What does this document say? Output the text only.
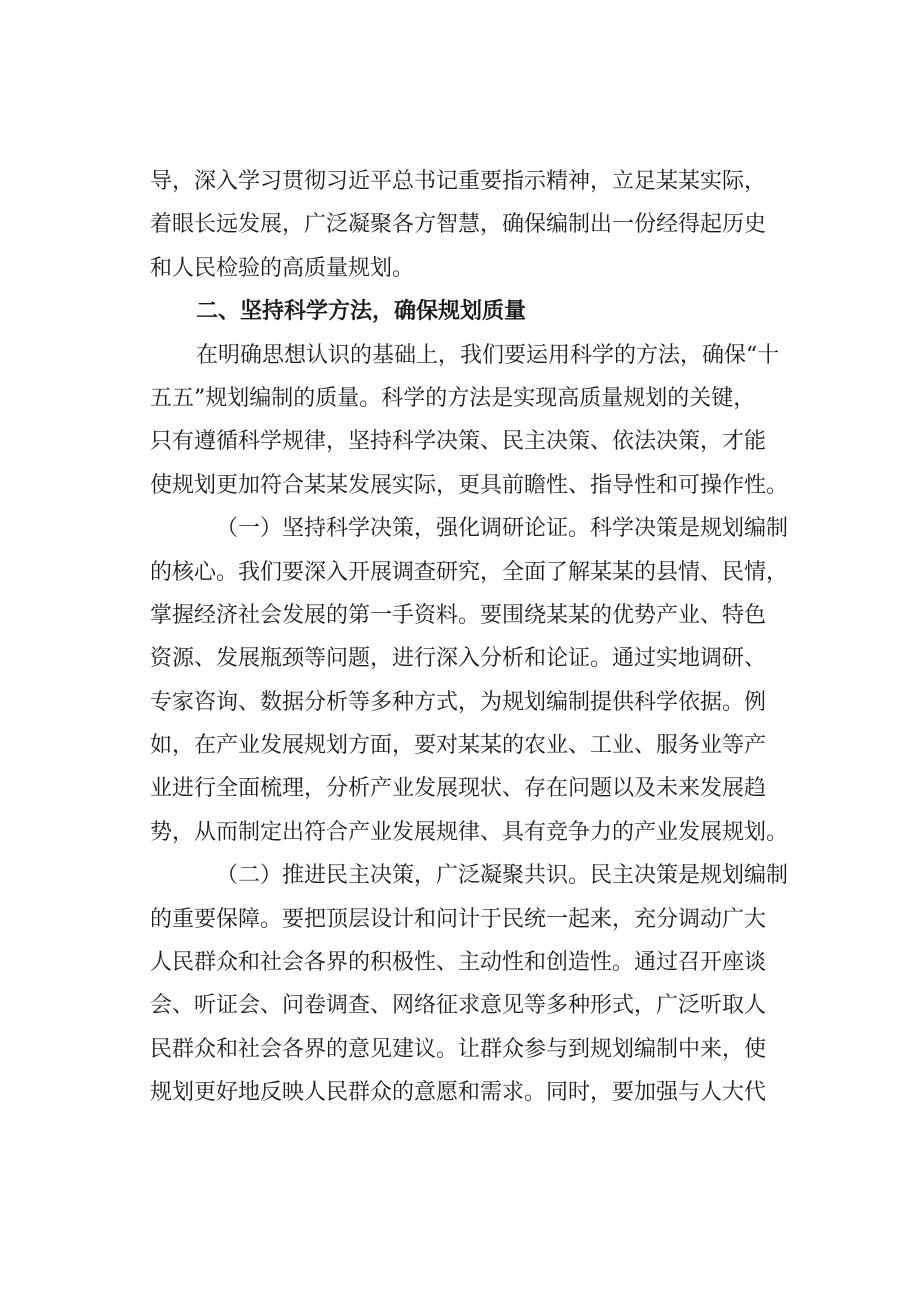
导，深入学习贯彻习近平总书记重要指示精神，立足某某实际，
着眼长远发展，广泛凝聚各方智慧，确保编制出一份经得起历史
和人民检验的高质量规划。
二、坚持科学方法，确保规划质量
在明确思想认识的基础上，我们要运用科学的方法，确保“十
五五”规划编制的质量。科学的方法是实现高质量规划的关键，
只有遵循科学规律，坚持科学决策、民主决策、依法决策，才能
使规划更加符合某某发展实际，更具前瞻性、指导性和可操作性。
（一）坚持科学决策，强化调研论证。科学决策是规划编制
的核心。我们要深入开展调查研究，全面了解某某的县情、民情，
掌握经济社会发展的第一手资料。要围绕某某的优势产业、特色
资源、发展瓶颈等问题，进行深入分析和论证。通过实地调研、
专家咨询、数据分析等多种方式，为规划编制提供科学依据。例
如，在产业发展规划方面，要对某某的农业、工业、服务业等产
业进行全面梳理，分析产业发展现状、存在问题以及未来发展趋
势，从而制定出符合产业发展规律、具有竞争力的产业发展规划。
（二）推进民主决策，广泛凝聚共识。民主决策是规划编制
的重要保障。要把顶层设计和问计于民统一起来，充分调动广大
人民群众和社会各界的积极性、主动性和创造性。通过召开座谈
会、听证会、问卷调查、网络征求意见等多种形式，广泛听取人
民群众和社会各界的意见建议。让群众参与到规划编制中来，使
规划更好地反映人民群众的意愿和需求。同时，要加强与人大代
